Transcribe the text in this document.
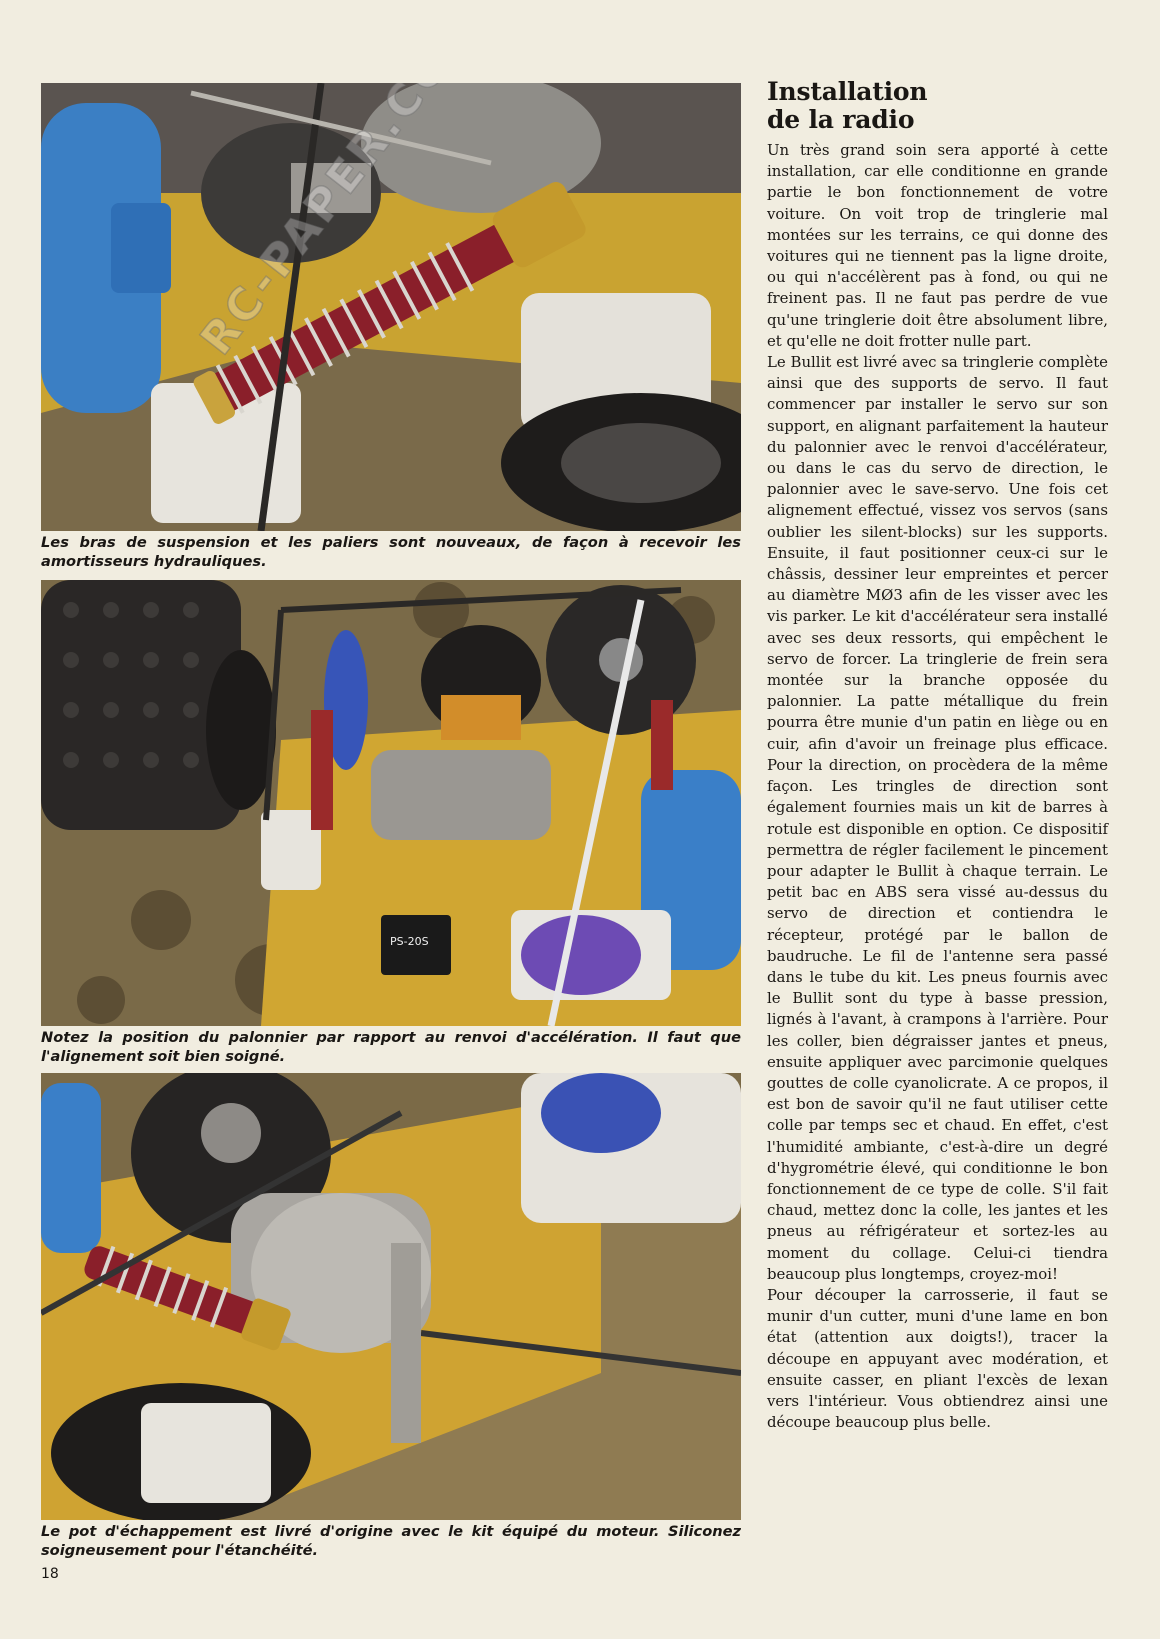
Les bras de suspension et les paliers sont nouveaux, de façon à recevoir les amortisseurs hydrauliques.

PS-20S

Notez la position du palonnier par rapport au renvoi d'accélération. Il faut que l'alignement soit bien soigné.

Le pot d'échappement est livré d'origine avec le kit équipé du moteur. Siliconez soigneusement pour l'étanchéité.

Installation
de la radio

Un très grand soin sera apporté à cette installation, car elle conditionne en grande partie le bon fonctionnement de votre voiture. On voit trop de tringlerie mal montées sur les terrains, ce qui donne des voitures qui ne tiennent pas la ligne droite, ou qui n'accélèrent pas à fond, ou qui ne freinent pas. Il ne faut pas perdre de vue qu'une tringlerie doit être absolument libre, et qu'elle ne doit frotter nulle part.

Le Bullit est livré avec sa tringlerie complète ainsi que des supports de servo. Il faut commencer par installer le servo sur son support, en alignant parfaitement la hauteur du palonnier avec le renvoi d'accélérateur, ou dans le cas du servo de direction, le palonnier avec le save-servo. Une fois cet alignement effectué, vissez vos servos (sans oublier les silent-blocks) sur les supports. Ensuite, il faut positionner ceux-ci sur le châssis, dessiner leur empreintes et percer au diamètre MØ3 afin de les visser avec les vis parker. Le kit d'accélérateur sera installé avec ses deux ressorts, qui empêchent le servo de forcer. La tringlerie de frein sera montée sur la branche opposée du palonnier. La patte métallique du frein pourra être munie d'un patin en liège ou en cuir, afin d'avoir un freinage plus efficace. Pour la direction, on procèdera de la même façon. Les tringles de direction sont également fournies mais un kit de barres à rotule est disponible en option. Ce dispositif permettra de régler facilement le pincement pour adapter le Bullit à chaque terrain. Le petit bac en ABS sera vissé au-dessus du servo de direction et contiendra le récepteur, protégé par le ballon de baudruche. Le fil de l'antenne sera passé dans le tube du kit. Les pneus fournis avec le Bullit sont du type à basse pression, lignés à l'avant, à crampons à l'arrière. Pour les coller, bien dégraisser jantes et pneus, ensuite appliquer avec parcimonie quelques gouttes de colle cyanolicrate. A ce propos, il est bon de savoir qu'il ne faut utiliser cette colle par temps sec et chaud. En effet, c'est l'humidité ambiante, c'est-à-dire un degré d'hygrométrie élevé, qui conditionne le bon fonctionnement de ce type de colle. S'il fait chaud, mettez donc la colle, les jantes et les pneus au réfrigérateur et sortez-les au moment du collage. Celui-ci tiendra beaucoup plus longtemps, croyez-moi!

Pour découper la carrosserie, il faut se munir d'un cutter, muni d'une lame en bon état (attention aux doigts!), tracer la découpe en appuyant avec modération, et ensuite casser, en pliant l'excès de lexan vers l'intérieur. Vous obtiendrez ainsi une découpe beaucoup plus belle.

18
